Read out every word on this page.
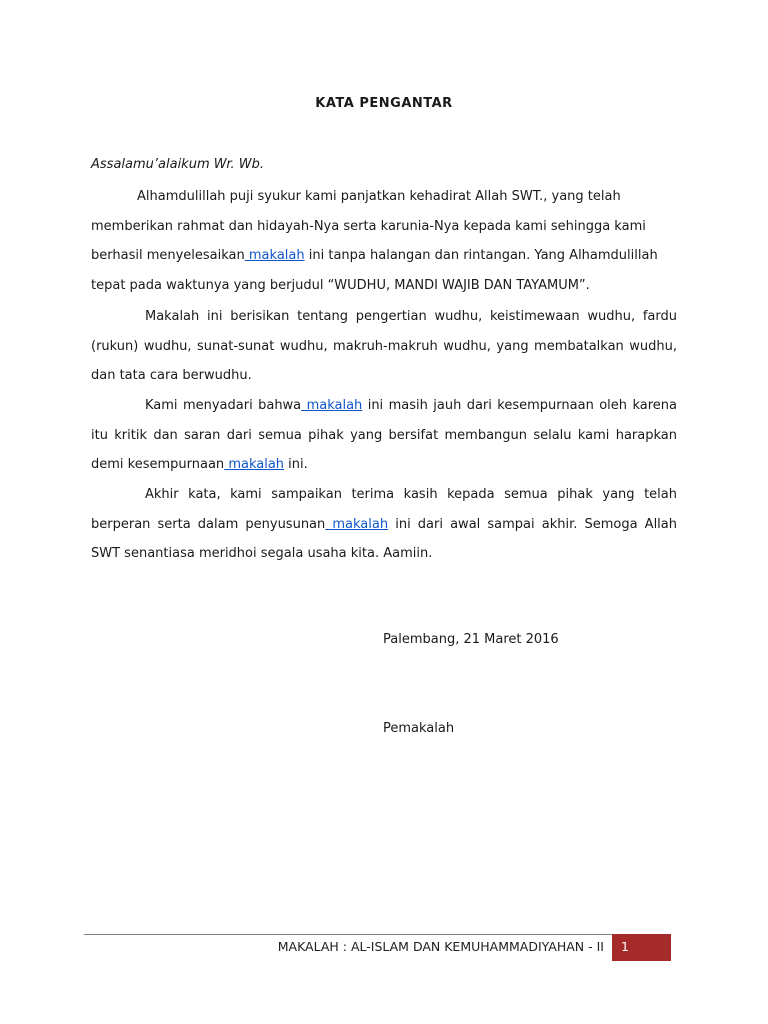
KATA PENGANTAR
Assalamu’alaikum Wr. Wb.
Alhamdulillah puji syukur kami panjatkan kehadirat Allah SWT., yang telah memberikan rahmat dan hidayah-Nya serta karunia-Nya kepada kami sehingga kami berhasil menyelesaikan makalah ini tanpa halangan dan rintangan. Yang Alhamdulillah tepat pada waktunya yang berjudul “WUDHU, MANDI WAJIB DAN TAYAMUM”.
Makalah ini berisikan tentang pengertian wudhu, keistimewaan wudhu, fardu (rukun) wudhu, sunat-sunat wudhu, makruh-makruh wudhu, yang membatalkan wudhu, dan tata cara berwudhu.
Kami menyadari bahwa makalah ini masih jauh dari kesempurnaan oleh karena itu kritik dan saran dari semua pihak yang bersifat membangun selalu kami harapkan demi kesempurnaan makalah ini.
Akhir kata, kami sampaikan terima kasih kepada semua pihak yang telah berperan serta dalam penyusunan makalah ini dari awal sampai akhir. Semoga Allah SWT senantiasa meridhoi segala usaha kita. Aamiin.
Palembang, 21 Maret 2016
Pemakalah
MAKALAH : AL-ISLAM DAN KEMUHAMMADIYAHAN - II	1
